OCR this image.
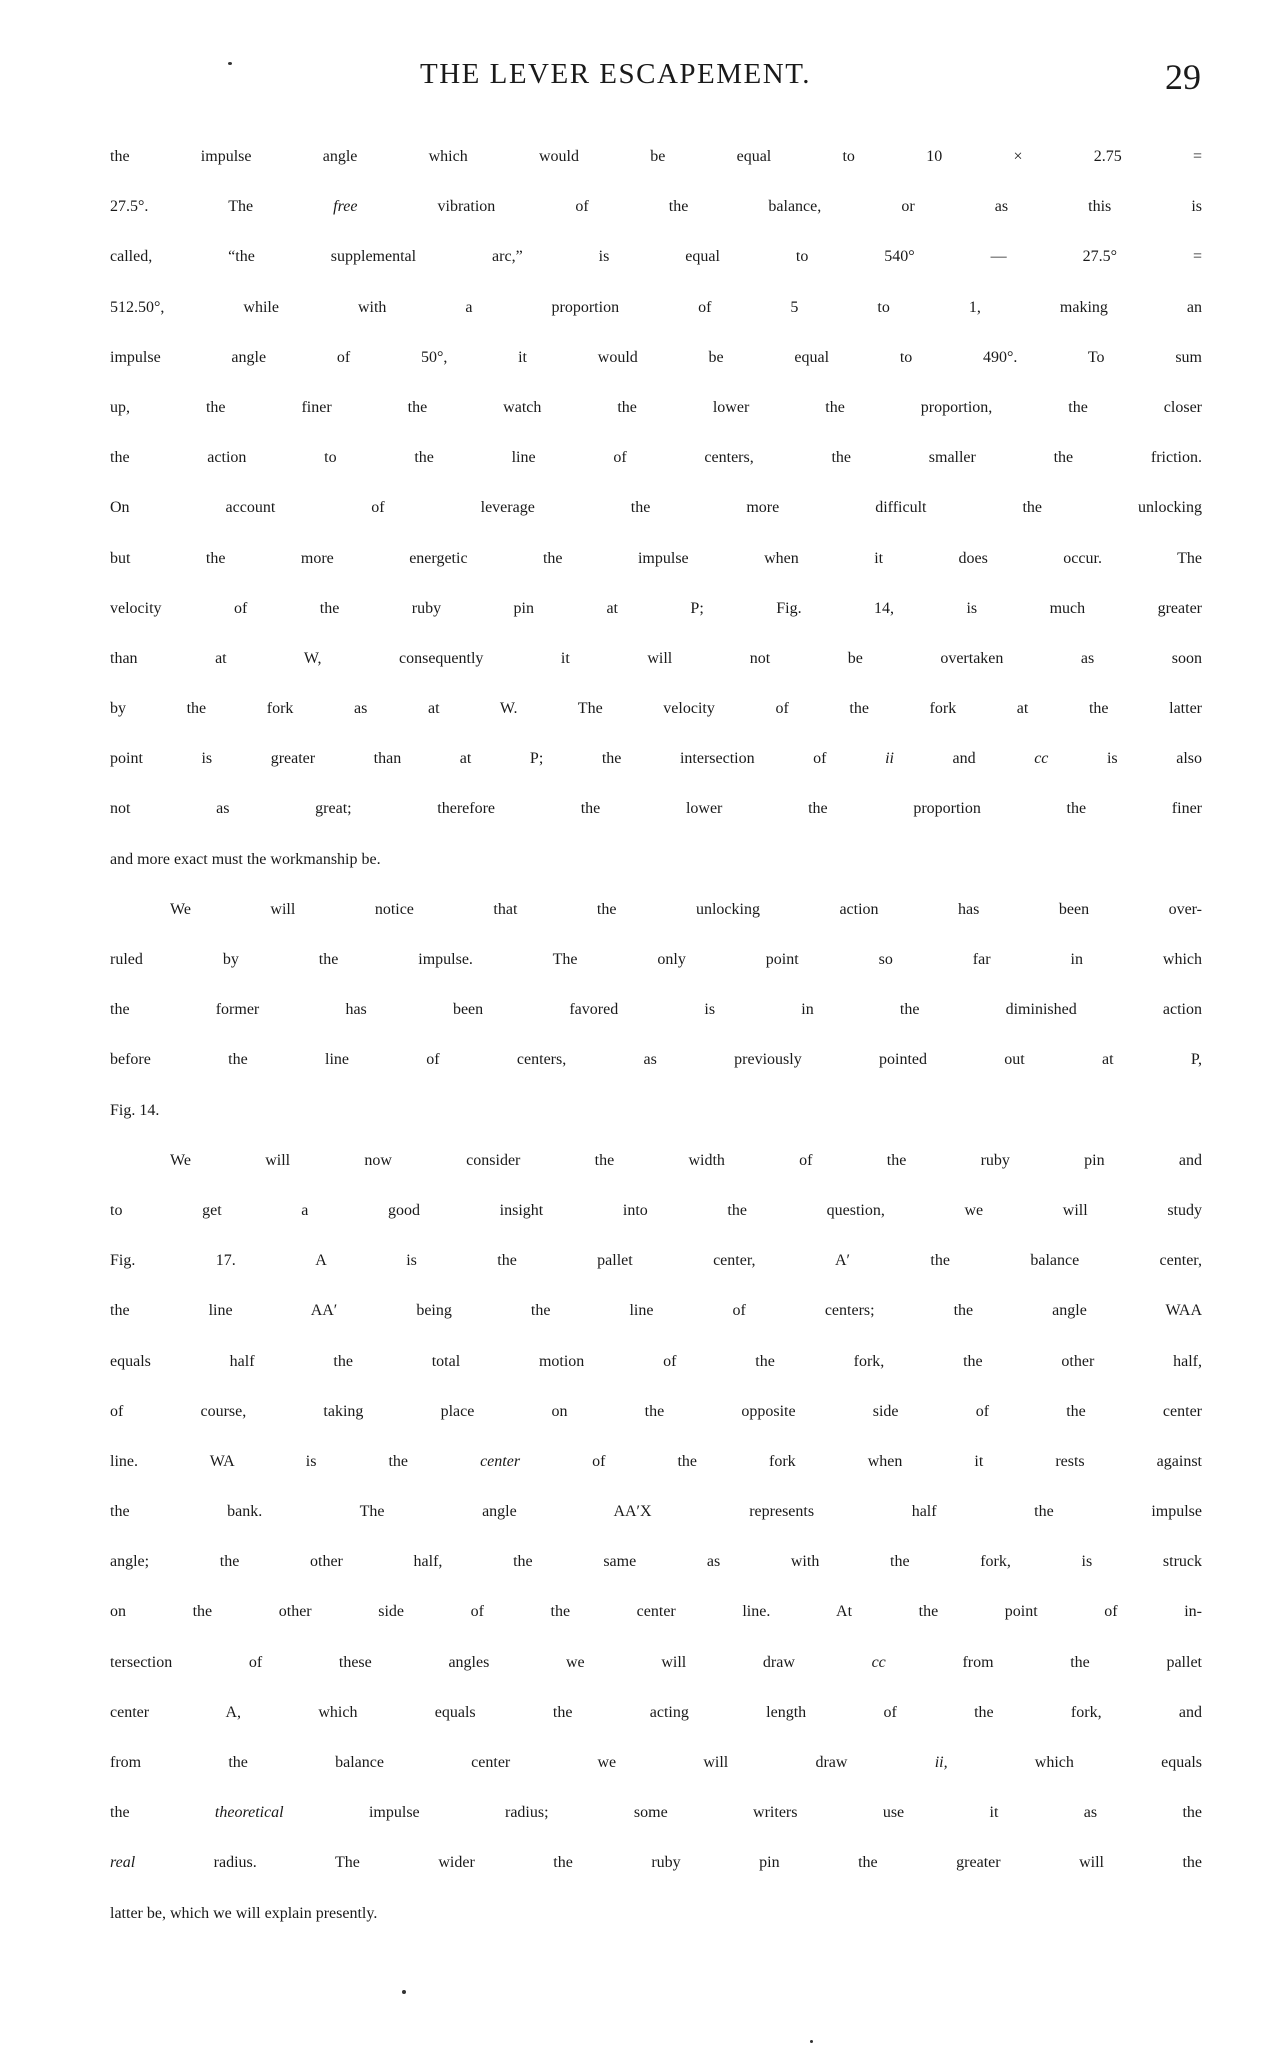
THE LEVER ESCAPEMENT.	29
the impulse angle which would be equal to 10 × 2.75 =
27.5°. The free vibration of the balance, or as this is
called, “the supplemental arc,” is equal to 540° — 27.5° =
512.50°, while with a proportion of 5 to 1, making an
impulse angle of 50°, it would be equal to 490°. To sum
up, the finer the watch the lower the proportion, the closer
the action to the line of centers, the smaller the friction.
On account of leverage the more difficult the unlocking
but the more energetic the impulse when it does occur. The
velocity of the ruby pin at P; Fig. 14, is much greater
than at W, consequently it will not be overtaken as soon
by the fork as at W. The velocity of the fork at the latter
point is greater than at P; the intersection of ii and cc is also
not as great; therefore the lower the proportion the finer
and more exact must the workmanship be.
We will notice that the unlocking action has been over-
ruled by the impulse. The only point so far in which
the former has been favored is in the diminished action
before the line of centers, as previously pointed out at P,
Fig. 14.
We will now consider the width of the ruby pin and
to get a good insight into the question, we will study
Fig. 17. A is the pallet center, A′ the balance center,
the line AA′ being the line of centers; the angle WAA
equals half the total motion of the fork, the other half,
of course, taking place on the opposite side of the center
line. WA is the center of the fork when it rests against
the bank. The angle AA′X represents half the impulse
angle; the other half, the same as with the fork, is struck
on the other side of the center line. At the point of in-
tersection of these angles we will draw cc from the pallet
center A, which equals the acting length of the fork, and
from the balance center we will draw ii, which equals
the theoretical impulse radius; some writers use it as the
real radius. The wider the ruby pin the greater will the
latter be, which we will explain presently.
